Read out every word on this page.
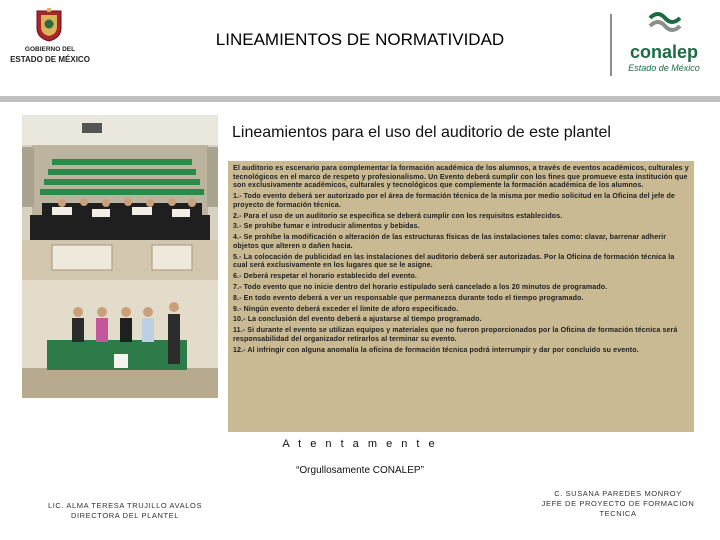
GOBIERNO DEL
ESTADO DE MÉXICO
LINEAMIENTOS DE NORMATIVIDAD
conalep
Estado de México
Lineamientos para el uso del auditorio de este plantel

El auditorio es escenario para complementar la formación académica de los alumnos, a través de eventos académicos, culturales y tecnológicos en el marco de respeto y profesionalismo. Un Evento deberá cumplir con los fines que promueve esta institución que son exclusivamente académicos, culturales y tecnológicos que complemente la formación académica de los alumnos.

1.- Todo evento deberá ser autorizado por el área de formación técnica de la misma por medio solicitud en la Oficina del jefe de proyecto de formación técnica.

2.- Para el uso de un auditorio se especifica se deberá cumplir con los requisitos establecidos.

3.- Se prohíbe fumar e introducir alimentos y bebidas.

4.- Se prohíbe la modificación o alteración de las estructuras físicas de las instalaciones tales como: clavar, barrenar adherir objetos que alteren o dañen hacia.

5.- La colocación de publicidad en las instalaciones del auditorio deberá ser autorizadas. Por la Oficina de formación técnica la cual será exclusivamente en los lugares que se le asigne.

6.- Deberá respetar el horario establecido del evento.

7.- Todo evento que no inicie dentro del horario estipulado será cancelado a los 20 minutos de programado.

8.- En todo evento deberá a ver un responsable que permanezca durante todo el tiempo programado.

9.- Ningún evento deberá exceder el limite de aforo especificado.

10.- La conclusión del evento deberá a ajustarse al tiempo programado.

11.- Si durante el evento se utilizan equipos y materiales que no fueron proporcionados por la Oficina de formación técnica será responsabilidad del organizador retirarlos al terminar su evento.

12.- Al infringir con alguna anomalía la oficina de formación técnica podrá interrumpir y dar por concluido su evento.

A t e n t a m e n t e
“Orgullosamente CONALEP”
LIC. ALMA TERESA TRUJILLO AVALOS
DIRECTORA DEL PLANTEL
C. SUSANA PAREDES MONROY
JEFE DE PROYECTO DE FORMACION
TECNICA
